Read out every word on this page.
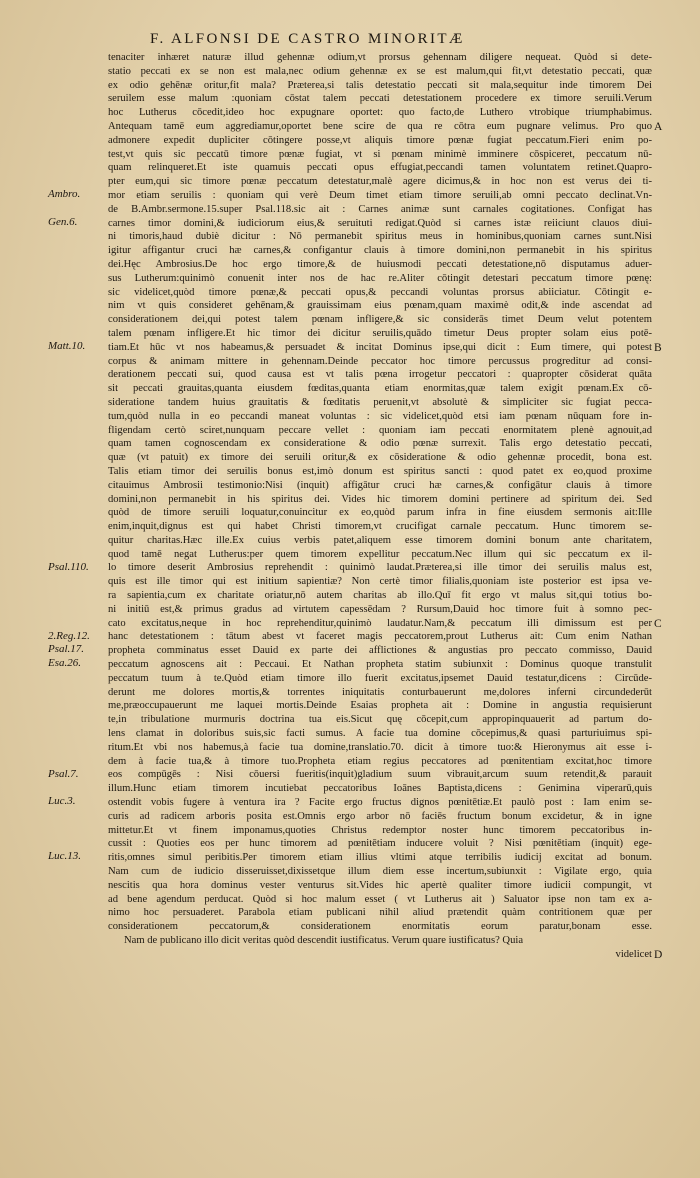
F. ALFONSI DE CASTRO MINORITÆ
tenaciter inhæret naturæ illud gehennæ odium,vt prorsus gehennam diligere nequeat. Quòd si dete-
statio peccati ex se non est mala,nec odium gehennæ ex se est malum,qui fit,vt detestatio peccati, quæ
ex odio gehēnæ oritur,fit mala? Præterea,si talis detestatio peccati sit mala,sequitur inde timorem Dei
seruilem esse malum :quoniam cōstat talem peccati detestationem procedere ex timore seruili.Verum
hoc Lutherus cōcedit,ideo hoc expugnare oportet: quo facto,de Luthero vtrobique triumphabimus.
Antequam tamē eum aggrediamur,oportet bene scire de qua re cōtra eum pugnare velimus. Pro quo
admonere expedit dupliciter cōtingere posse,vt aliquis timore pœnæ fugiat peccatum.Fieri enim po-
test,vt quis sic peccatū timore pœnæ fugiat, vt si pœnam minimè imminere cōspiceret, peccatum nū-
quam relinqueret.Et iste quamuis peccati opus effugiat,peccandi tamen voluntatem retinet.Quapro-
pter eum,qui sic timore pœnæ peccatum detestatur,malè agere dicimus,& in hoc non est verus dei ti-
mor etiam seruilis : quoniam qui verè Deum timet etiam timore seruili,ab omni peccato declinat.Vn-
de B.Ambr.sermone.15.super Psal.118.sic ait : Carnes animæ sunt carnales cogitationes. Configat has
carnes timor domini,& iudiciorum eius,& seruituti redigat.Quòd si carnes istæ reiiciunt clauos diui-
ni timoris,haud dubiè dicitur : Nō permanebit spiritus meus in hominibus,quoniam carnes sunt.Nisi
igitur affigantur cruci hæ carnes,& configantur clauis à timore domini,non permanebit in his spiritus
dei.Hęc Ambrosius.De hoc ergo timore,& de huiusmodi peccati detestatione,nō disputamus aduer-
sus Lutherum:quinimò conuenit inter nos de hac re.Aliter cōtingit detestari peccatum timore pœnę:
sic videlicet,quòd timore pœnæ,& peccati opus,& peccandi voluntas prorsus abiiciatur. Cōtingit e-
nim vt quis consideret gehēnam,& grauissimam eius pœnam,quam maximè odit,& inde ascendat ad
considerationem dei,qui potest talem pœnam infligere,& sic considerās timet Deum velut potentem
talem pœnam infligere.Et hic timor dei dicitur seruilis,quādo timetur Deus propter solam eius potē-
tiam.Et hūc vt nos habeamus,& persuadet & incitat Dominus ipse,qui dicit : Eum timere, qui potest
corpus & animam mittere in gehennam.Deinde peccator hoc timore percussus progreditur ad consi-
derationem peccati sui, quod causa est vt talis pœna irrogetur peccatori : quapropter cōsiderat quāta
sit peccati grauitas,quanta eiusdem fœditas,quanta etiam enormitas,quæ talem exigit pœnam.Ex cō-
sideratione tandem huius grauitatis & fœditatis peruenit,vt absolutè & simpliciter sic fugiat pecca-
tum,quòd nulla in eo peccandi maneat voluntas : sic videlicet,quòd etsi iam pœnam nūquam fore in-
fligendam certò sciret,nunquam peccare vellet : quoniam iam peccati enormitatem plenè agnouit,ad
quam tamen cognoscendam ex consideratione & odio pœnæ surrexit. Talis ergo detestatio peccati,
quæ (vt patuit) ex timore dei seruili oritur,& ex cōsideratione & odio gehennæ procedit, bona est.
Talis etiam timor dei seruilis bonus est,imò donum est spiritus sancti : quod patet ex eo,quod proxime
citauimus Ambrosii testimonio:Nisi (inquit) affigātur cruci hæ carnes,& configātur clauis à timore
domini,non permanebit in his spiritus dei. Vides hic timorem domini pertinere ad spiritum dei. Sed
quòd de timore seruili loquatur,conuincitur ex eo,quòd parum infra in fine eiusdem sermonis ait:Ille
enim,inquit,dignus est qui habet Christi timorem,vt crucifigat carnale peccatum. Hunc timorem se-
quitur charitas.Hæc ille.Ex cuius verbis patet,aliquem esse timorem domini bonum ante charitatem,
quod tamē negat Lutherus:per quem timorem expellitur peccatum.Nec illum qui sic peccatum ex il-
lo timore deserit Ambrosius reprehendit : quinimò laudat.Præterea,si ille timor dei seruilis malus est,
quis est ille timor qui est initium sapientiæ? Non certè timor filialis,quoniam iste posterior est ipsa ve-
ra sapientia,cum ex charitate oriatur,nō autem charitas ab illo.Quī fit ergo vt malus sit,qui totius bo-
ni initiū est,& primus gradus ad virtutem capessēdam ? Rursum,Dauid hoc timore fuit à somno pec-
cato excitatus,neque in hoc reprehenditur,quinimò laudatur.Nam,& peccatum illi dimissum est per
hanc detestationem : tātum abest vt faceret magis peccatorem,prout Lutherus ait: Cum enim Nathan
propheta comminatus esset Dauid ex parte dei afflictiones & angustias pro peccato commisso, Dauid
peccatum agnoscens ait : Peccaui. Et Nathan propheta statim subiunxit : Dominus quoque transtulit
peccatum tuum à te.Quòd etiam timore illo fuerit excitatus,ipsemet Dauid testatur,dicens : Circūde-
derunt me dolores mortis,& torrentes iniquitatis conturbauerunt me,dolores inferni circundederūt
me,præoccupauerunt me laquei mortis.Deinde Esaias propheta ait : Domine in angustia requisierunt
te,in tribulatione murmuris doctrina tua eis.Sicut quę cōcepit,cum appropinquauerit ad partum do-
lens clamat in doloribus suis,sic facti sumus. A facie tua domine cōcepimus,& quasi parturiuimus spi-
ritum.Et vbi nos habemus,à facie tua domine,translatio.70. dicit à timore tuo:& Hieronymus ait esse i-
dem à facie tua,& à timore tuo.Propheta etiam regius peccatores ad pœnitentiam excitat,hoc timore
eos compūgēs : Nisi cōuersi fueritis(inquit)gladium suum vibrauit,arcum suum retendit,& parauit
illum.Hunc etiam timorem incutiebat peccatoribus Ioānes Baptista,dicens : Genimina viperarū,quis
ostendit vobis fugere à ventura ira ? Facite ergo fructus dignos pœnitētiæ.Et paulò post : Iam enim se-
curis ad radicem arboris posita est.Omnis ergo arbor nō faciēs fructum bonum excidetur, & in igne
mittetur.Et vt finem imponamus,quoties Christus redemptor noster hunc timorem peccatoribus in-
cussit : Quoties eos per hunc timorem ad pœnitētiam inducere voluit ? Nisi pœnitētiam (inquit) ege-
ritis,omnes simul peribitis.Per timorem etiam illius vltimi atque terribilis iudicij excitat ad bonum.
Nam cum de iudicio disseruisset,dixissetque illum diem esse incertum,subiunxit : Vigilate ergo, quia
nescitis qua hora dominus vester venturus sit.Vides hic apertè qualiter timore iudicii compungit, vt
ad bene agendum perducat. Quòd si hoc malum esset ( vt Lutherus ait ) Saluator ipse non tam ex a-
nimo hoc persuaderet. Parabola etiam publicani nihil aliud prætendit quàm contritionem quæ per
considerationem peccatorum,& considerationem enormitatis eorum paratur,bonam esse.
Nam de publicano illo dicit veritas quòd descendit iustificatus. Verum quare iustificatus? Quia
videlicet
Ambro.
Gen.6.
Matt.10.
Psal.110.
2.Reg.12.
Psal.17.
Esa.26.
Psal.7.
Luc.3.
Luc.13.
A
B
C
D
